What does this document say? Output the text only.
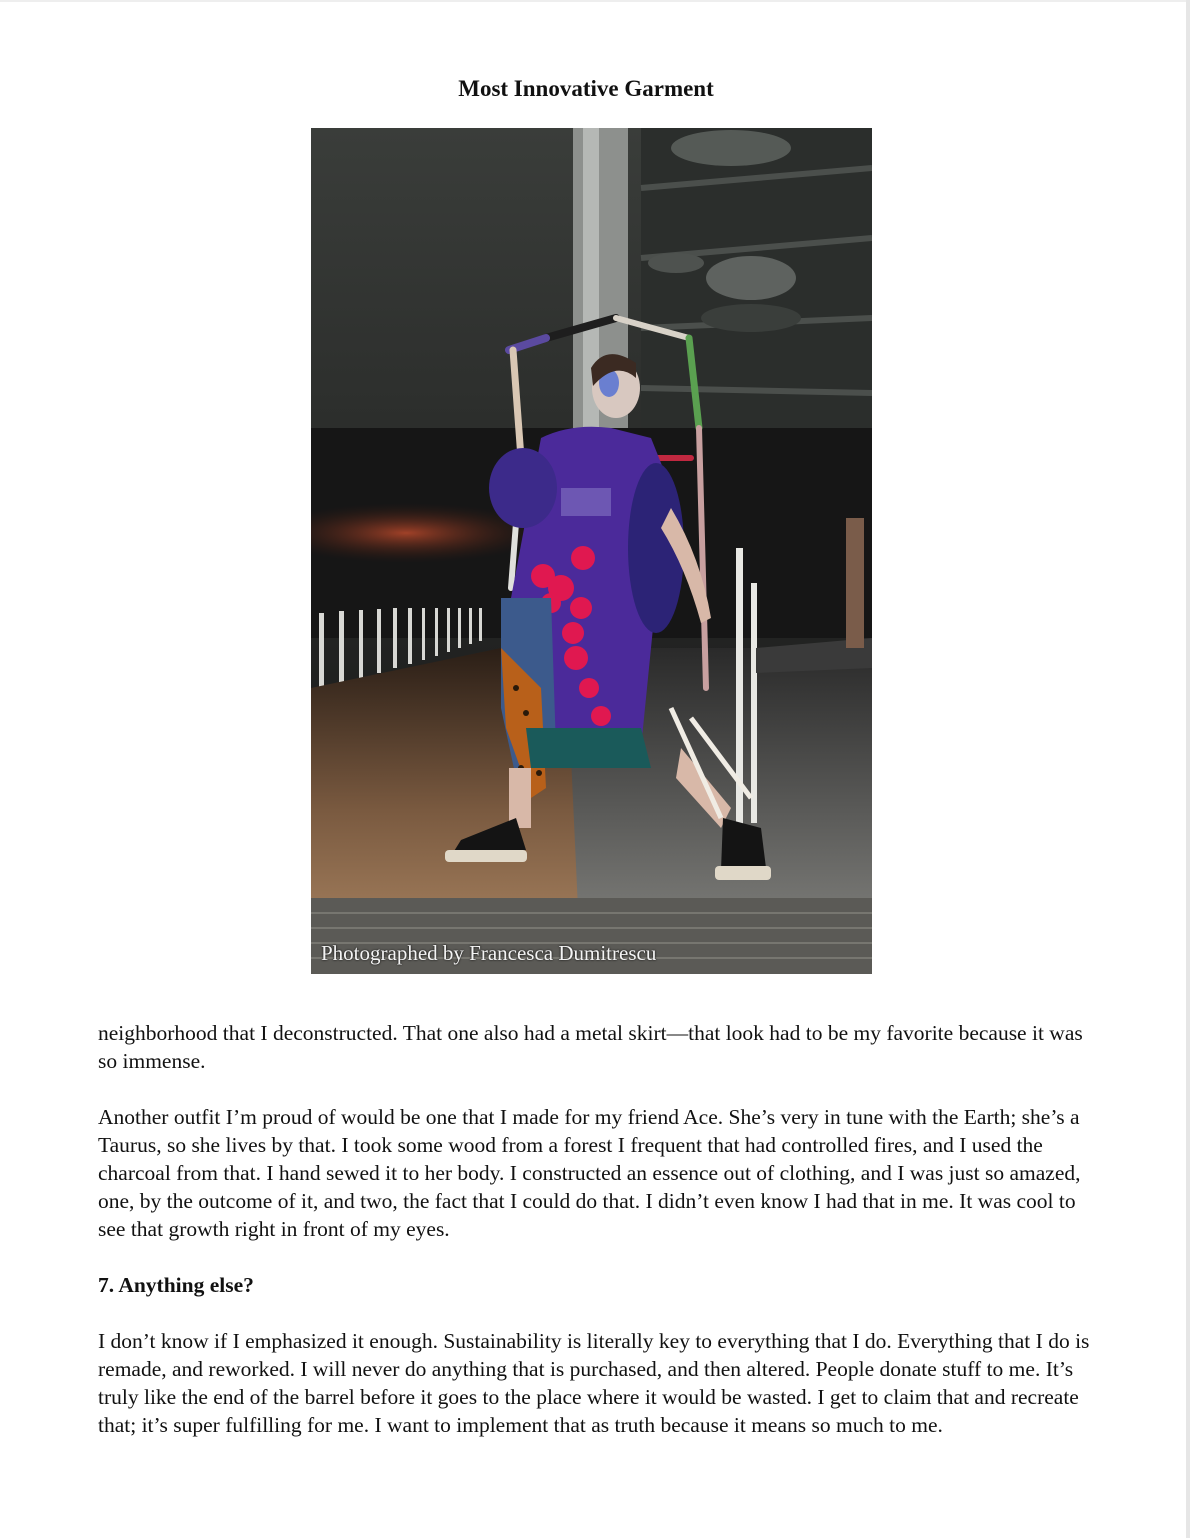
Most Innovative Garment
Photographed by Francesca Dumitrescu

neighborhood that I deconstructed. That one also had a metal skirt—that look had to be my favorite because it was so immense.

Another outfit I’m proud of would be one that I made for my friend Ace. She’s very in tune with the Earth; she’s a Taurus, so she lives by that. I took some wood from a forest I frequent that had controlled fires, and I used the charcoal from that. I hand sewed it to her body. I constructed an essence out of clothing, and I was just so amazed, one, by the outcome of it, and two, the fact that I could do that. I didn’t even know I had that in me. It was cool to see that growth right in front of my eyes.

7. Anything else?

I don’t know if I emphasized it enough. Sustainability is literally key to everything that I do. Everything that I do is remade, and reworked. I will never do anything that is purchased, and then altered. People donate stuff to me. It’s truly like the end of the barrel before it goes to the place where it would be wasted. I get to claim that and recreate that; it’s super fulfilling for me. I want to implement that as truth because it means so much to me.
